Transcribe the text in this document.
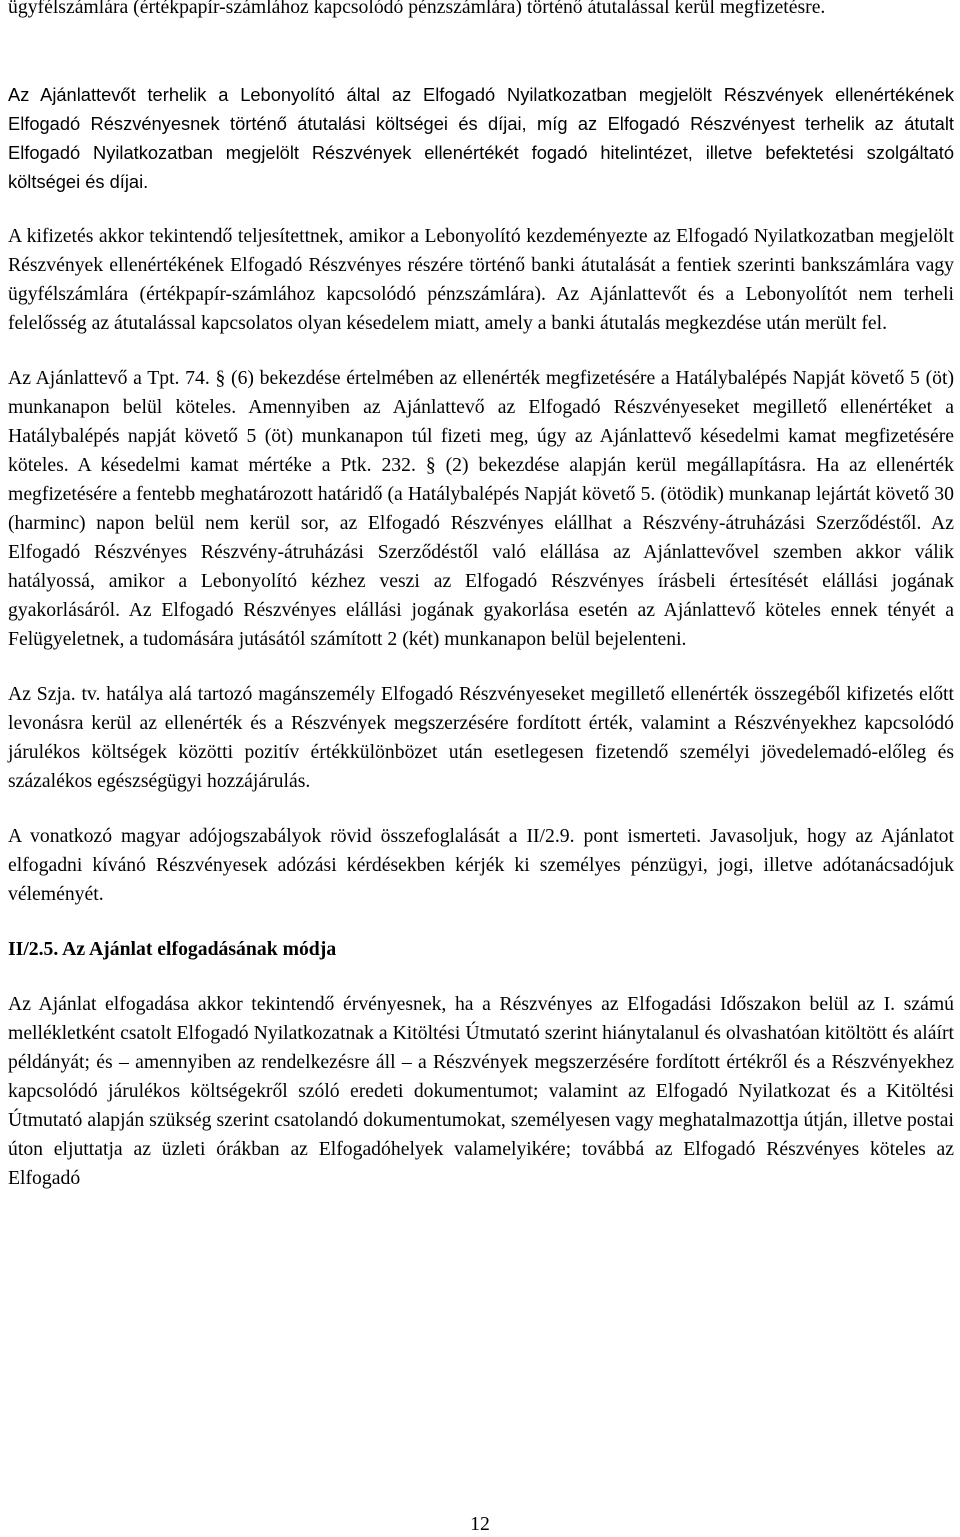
ügyfélszámlára (értékpapír-számlához kapcsolódó pénzszámlára) történő átutalással kerül megfizetésre.

Az Ajánlattevőt terhelik a Lebonyolító által az Elfogadó Nyilatkozatban megjelölt Részvények ellenértékének Elfogadó Részvényesnek történő átutalási költségei és díjai, míg az Elfogadó Részvényest terhelik az átutalt Elfogadó Nyilatkozatban megjelölt Részvények ellenértékét fogadó hitelintézet, illetve befektetési szolgáltató költségei és díjai.

A kifizetés akkor tekintendő teljesítettnek, amikor a Lebonyolító kezdeményezte az Elfogadó Nyilatkozatban megjelölt Részvények ellenértékének Elfogadó Részvényes részére történő banki átutalását a fentiek szerinti bankszámlára vagy ügyfélszámlára (értékpapír-számlához kapcsolódó pénzszámlára). Az Ajánlattevőt és a Lebonyolítót nem terheli felelősség az átutalással kapcsolatos olyan késedelem miatt, amely a banki átutalás megkezdése után merült fel.

Az Ajánlattevő a Tpt. 74. § (6) bekezdése értelmében az ellenérték megfizetésére a Hatálybalépés Napját követő 5 (öt) munkanapon belül köteles. Amennyiben az Ajánlattevő az Elfogadó Részvényeseket megillető ellenértéket a Hatálybalépés napját követő 5 (öt) munkanapon túl fizeti meg, úgy az Ajánlattevő késedelmi kamat megfizetésére köteles. A késedelmi kamat mértéke a Ptk. 232. § (2) bekezdése alapján kerül megállapításra. Ha az ellenérték megfizetésére a fentebb meghatározott határidő (a Hatálybalépés Napját követő 5. (ötödik) munkanap lejártát követő 30 (harminc) napon belül nem kerül sor, az Elfogadó Részvényes elállhat a Részvény-átruházási Szerződéstől. Az Elfogadó Részvényes Részvény-átruházási Szerződéstől való elállása az Ajánlattevővel szemben akkor válik hatályossá, amikor a Lebonyolító kézhez veszi az Elfogadó Részvényes írásbeli értesítését elállási jogának gyakorlásáról. Az Elfogadó Részvényes elállási jogának gyakorlása esetén az Ajánlattevő köteles ennek tényét a Felügyeletnek, a tudomására jutásától számított 2 (két) munkanapon belül bejelenteni.

Az Szja. tv. hatálya alá tartozó magánszemély Elfogadó Részvényeseket megillető ellenérték összegéből kifizetés előtt levonásra kerül az ellenérték és a Részvények megszerzésére fordított érték, valamint a Részvényekhez kapcsolódó járulékos költségek közötti pozitív értékkülönbözet után esetlegesen fizetendő személyi jövedelemadó-előleg és százalékos egészségügyi hozzájárulás.

A vonatkozó magyar adójogszabályok rövid összefoglalását a II/2.9. pont ismerteti. Javasoljuk, hogy az Ajánlatot elfogadni kívánó Részvényesek adózási kérdésekben kérjék ki személyes pénzügyi, jogi, illetve adótanácsadójuk véleményét.

II/2.5. Az Ajánlat elfogadásának módja

Az Ajánlat elfogadása akkor tekintendő érvényesnek, ha a Részvényes az Elfogadási Időszakon belül az I. számú mellékletként csatolt Elfogadó Nyilatkozatnak a Kitöltési Útmutató szerint hiánytalanul és olvashatóan kitöltött és aláírt példányát; és – amennyiben az rendelkezésre áll – a Részvények megszerzésére fordított értékről és a Részvényekhez kapcsolódó járulékos költségekről szóló eredeti dokumentumot; valamint az Elfogadó Nyilatkozat és a Kitöltési Útmutató alapján szükség szerint csatolandó dokumentumokat, személyesen vagy meghatalmazottja útján, illetve postai úton eljuttatja az üzleti órákban az Elfogadóhelyek valamelyikére; továbbá az Elfogadó Részvényes köteles az Elfogadó

12
